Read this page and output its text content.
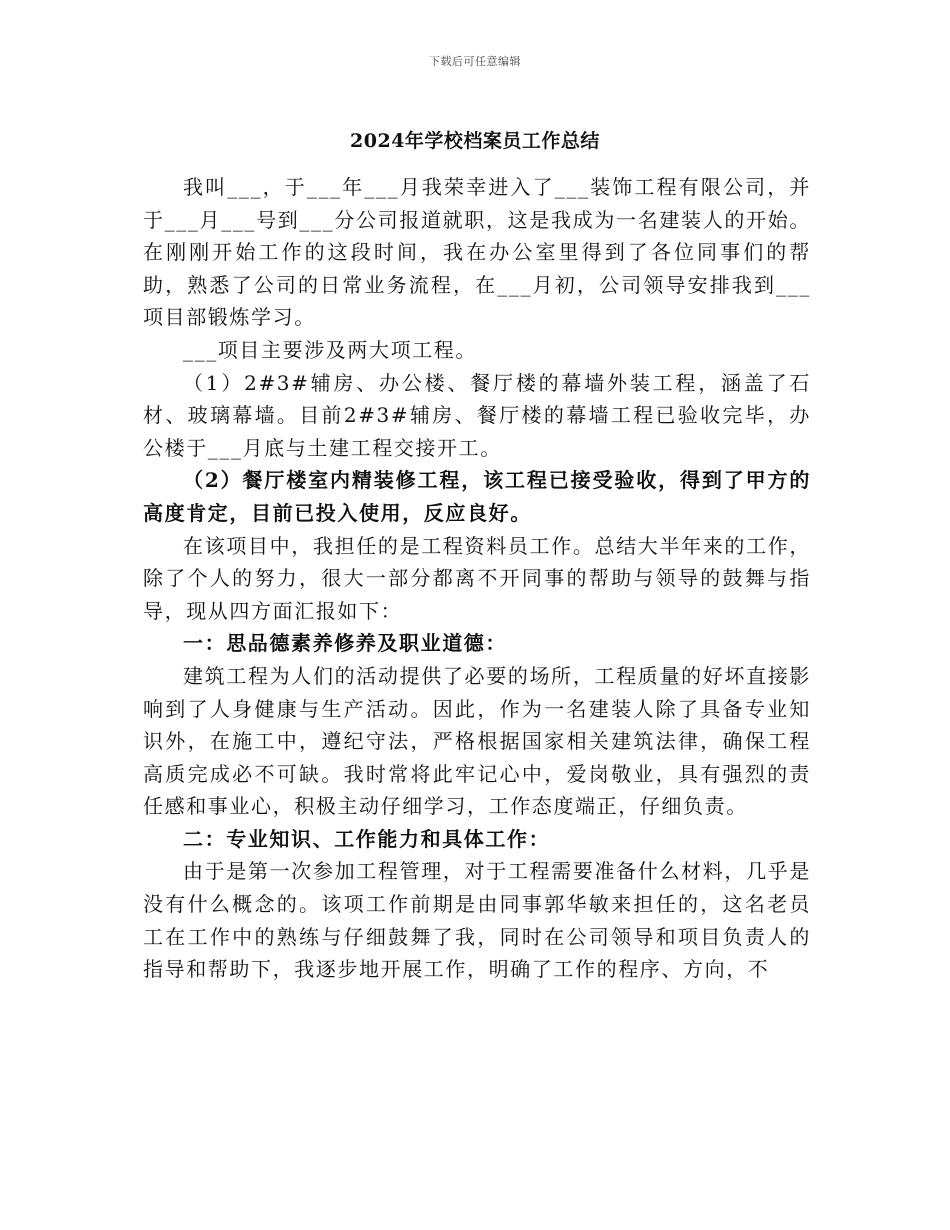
下载后可任意编辑
2024年学校档案员工作总结

我叫___，于___年___月我荣幸进入了___装饰工程有限公司，并于___月___号到___分公司报道就职，这是我成为一名建装人的开始。在刚刚开始工作的这段时间，我在办公室里得到了各位同事们的帮助，熟悉了公司的日常业务流程，在___月初，公司领导安排我到___项目部锻炼学习。

___项目主要涉及两大项工程。

（1）2#3#辅房、办公楼、餐厅楼的幕墙外装工程，涵盖了石材、玻璃幕墙。目前2#3#辅房、餐厅楼的幕墙工程已验收完毕，办公楼于___月底与土建工程交接开工。

（2）餐厅楼室内精装修工程，该工程已接受验收，得到了甲方的高度肯定，目前已投入使用，反应良好。

在该项目中，我担任的是工程资料员工作。总结大半年来的工作，除了个人的努力，很大一部分都离不开同事的帮助与领导的鼓舞与指导，现从四方面汇报如下：

一：思品德素养修养及职业道德：

建筑工程为人们的活动提供了必要的场所，工程质量的好坏直接影响到了人身健康与生产活动。因此，作为一名建装人除了具备专业知识外，在施工中，遵纪守法，严格根据国家相关建筑法律，确保工程高质完成必不可缺。我时常将此牢记心中，爱岗敬业，具有强烈的责任感和事业心，积极主动仔细学习，工作态度端正，仔细负责。

二：专业知识、工作能力和具体工作：

由于是第一次参加工程管理，对于工程需要准备什么材料，几乎是没有什么概念的。该项工作前期是由同事郭华敏来担任的，这名老员工在工作中的熟练与仔细鼓舞了我，同时在公司领导和项目负责人的指导和帮助下，我逐步地开展工作，明确了工作的程序、方向，不
